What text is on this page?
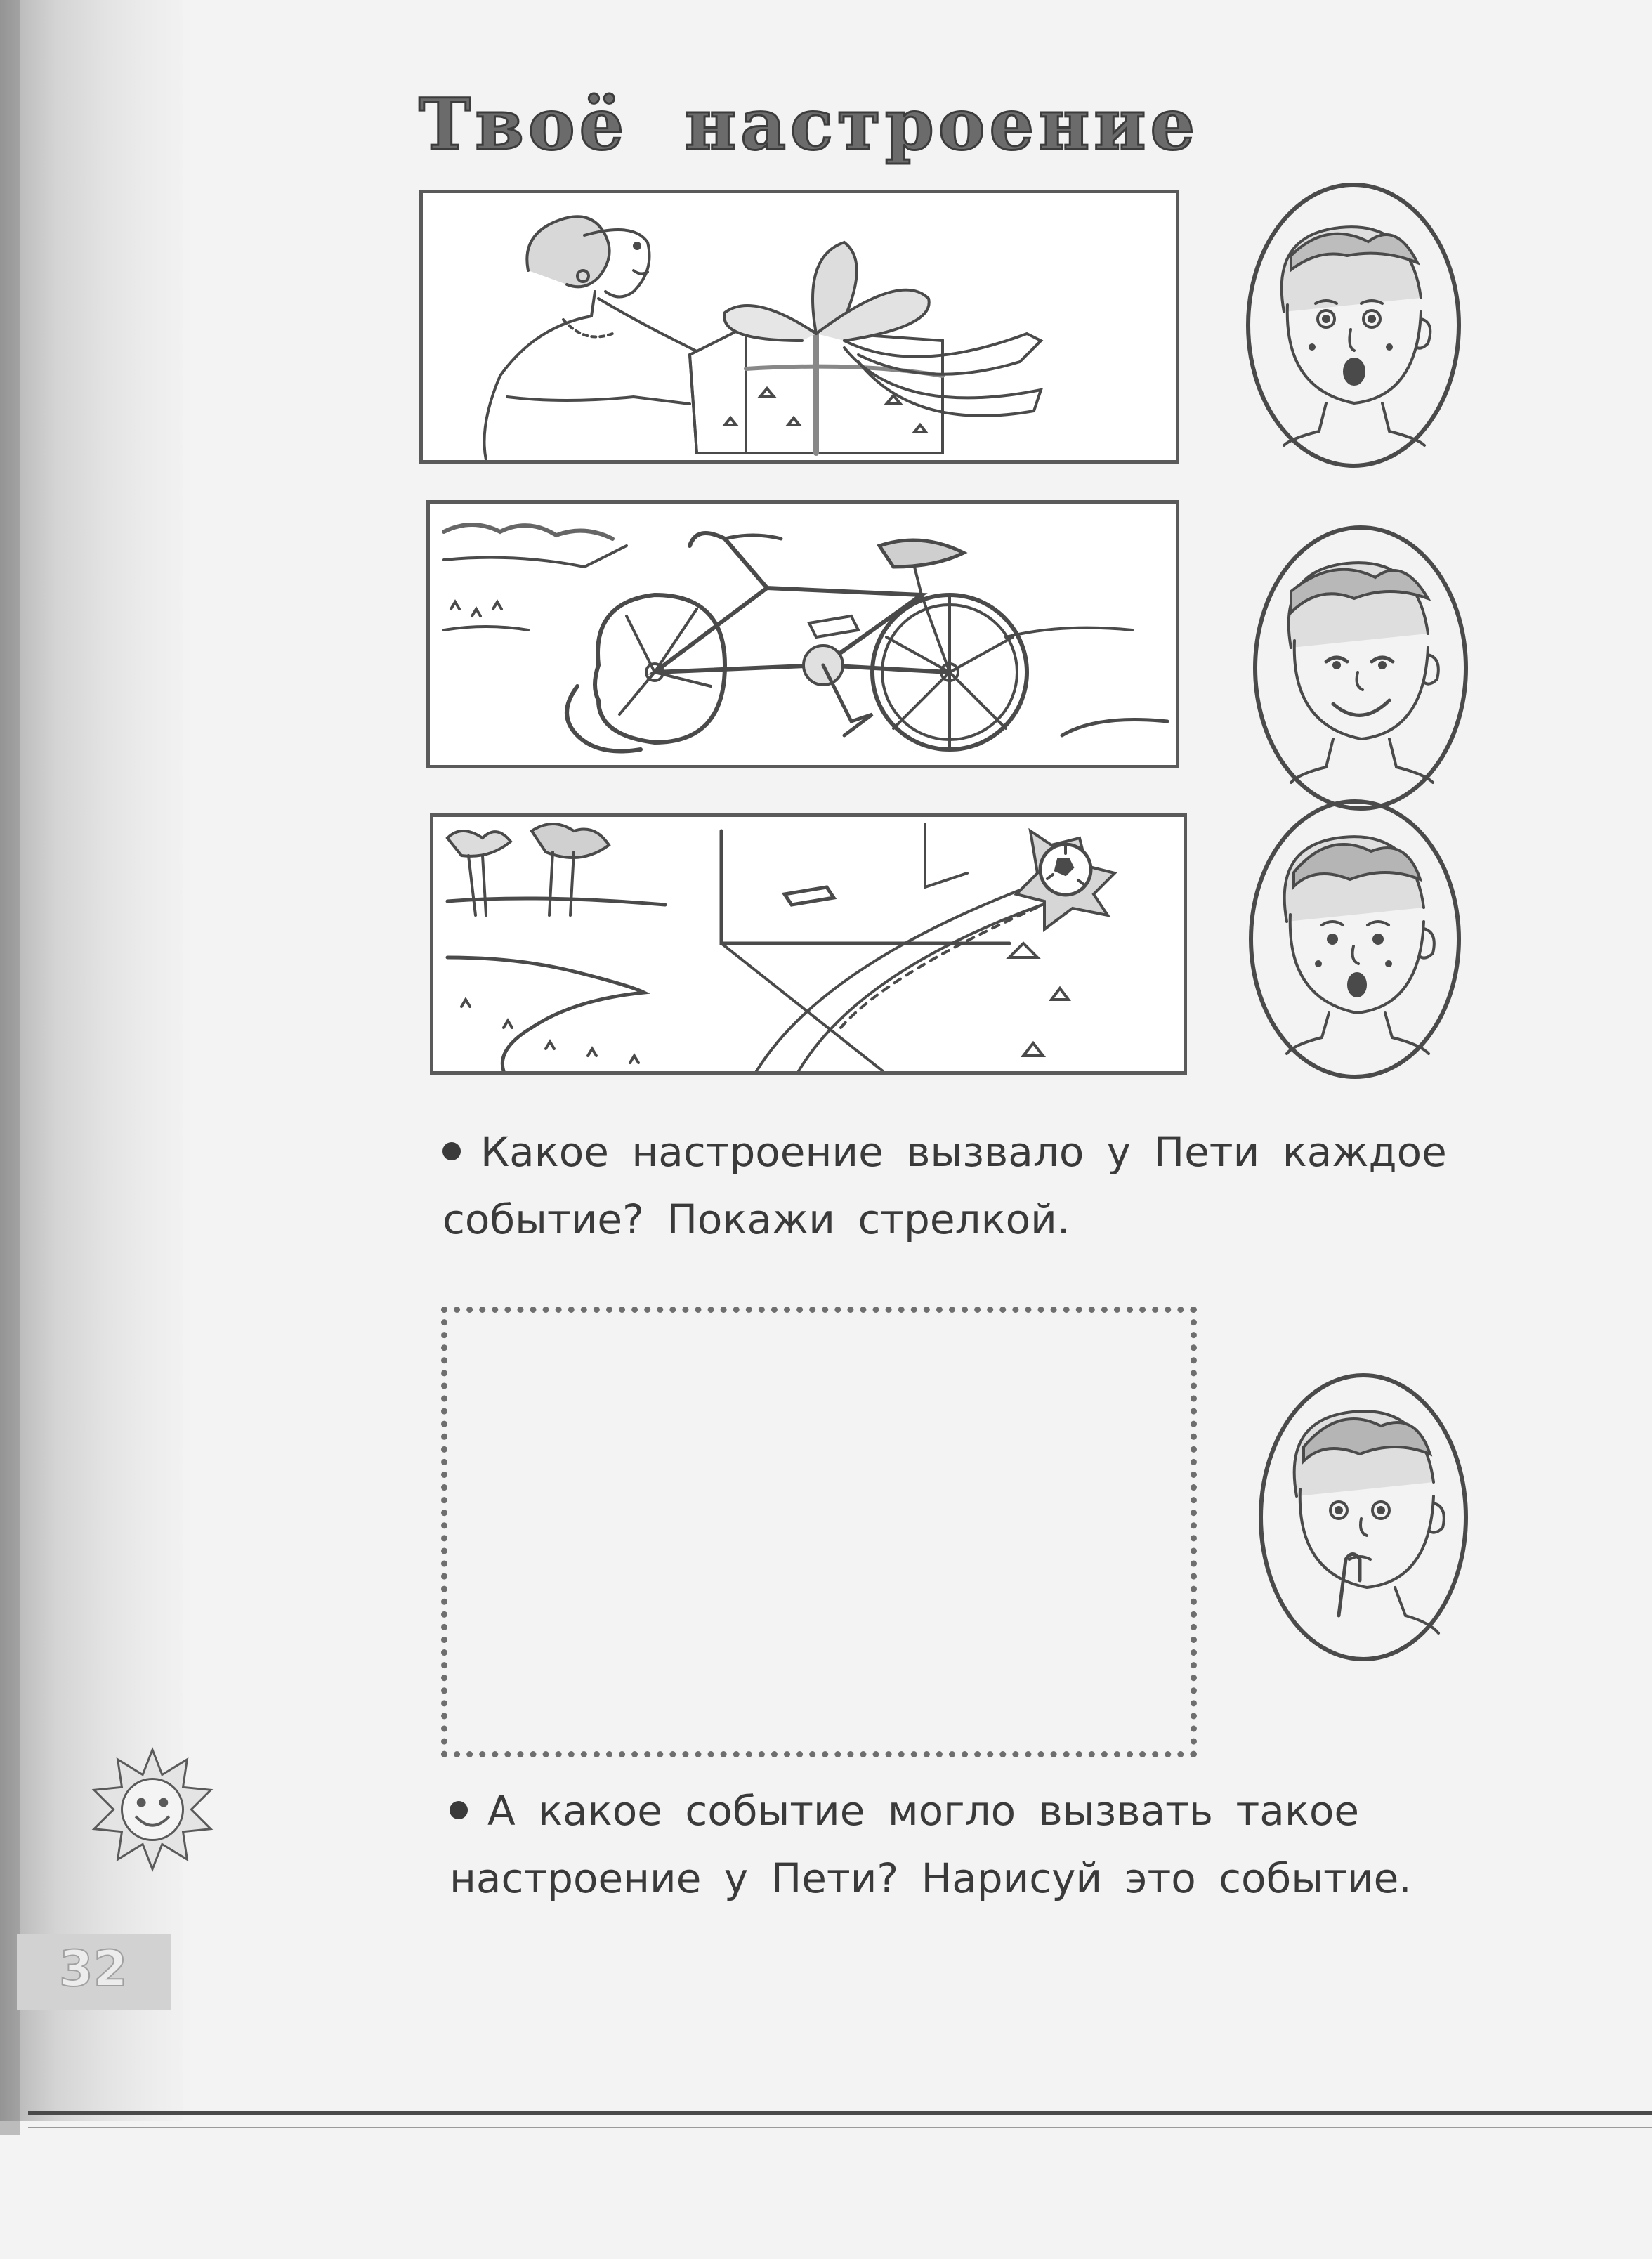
Твоё настроение
Какое настроение вызвало у Пети каждое
событие? Покажи стрелкой.
А какое событие могло вызвать такое
настроение у Пети? Нарисуй это событие.
32
